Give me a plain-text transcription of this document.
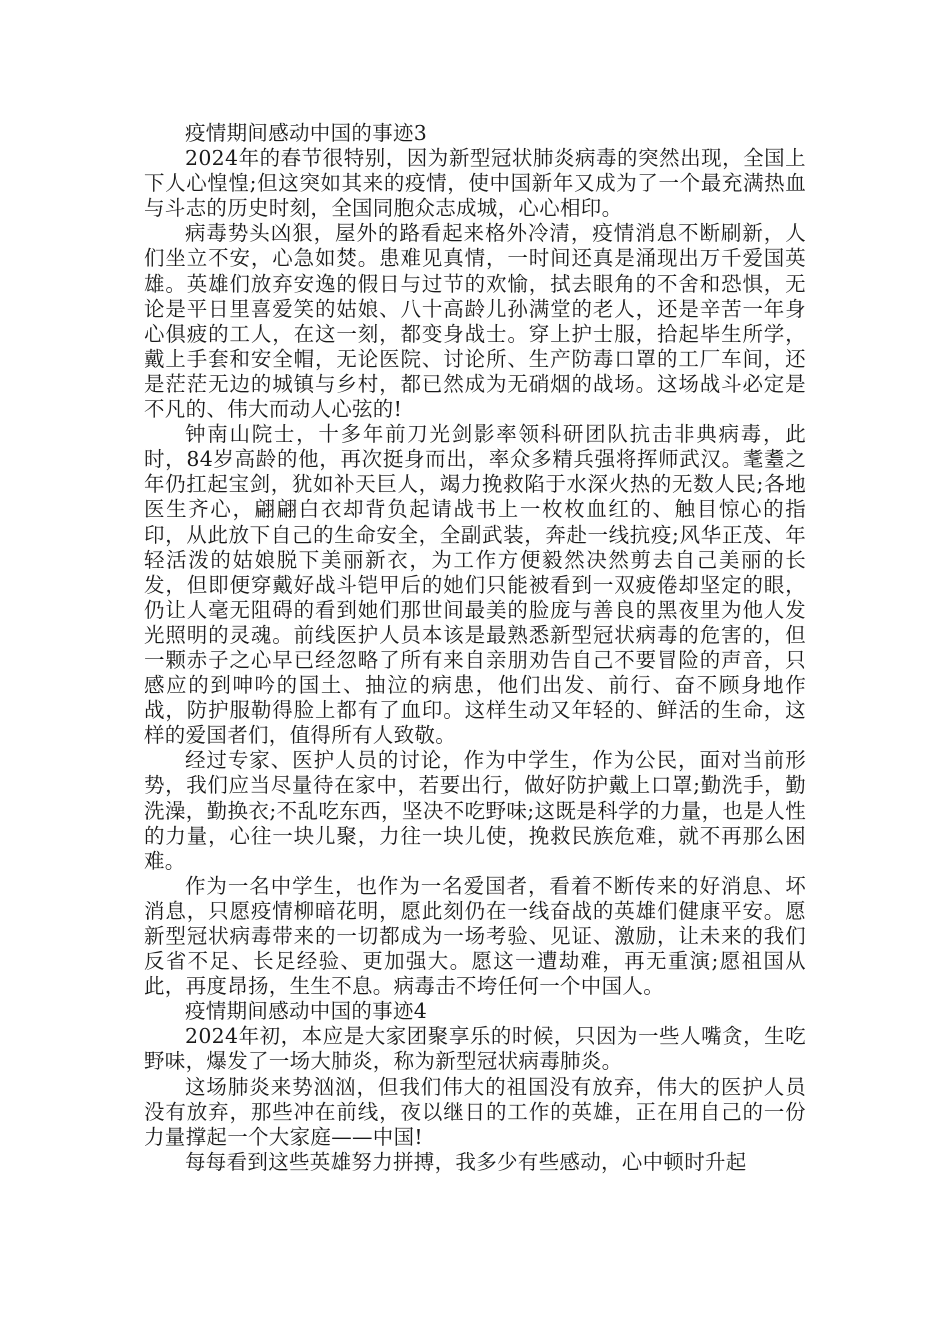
疫情期间感动中国的事迹3

2024年的春节很特别，因为新型冠状肺炎病毒的突然出现，全国上下人心惶惶;但这突如其来的疫情，使中国新年又成为了一个最充满热血与斗志的历史时刻，全国同胞众志成城，心心相印。

病毒势头凶狠，屋外的路看起来格外冷清，疫情消息不断刷新，人们坐立不安，心急如焚。患难见真情，一时间还真是涌现出万千爱国英雄。英雄们放弃安逸的假日与过节的欢愉，拭去眼角的不舍和恐惧，无论是平日里喜爱笑的姑娘、八十高龄儿孙满堂的老人，还是辛苦一年身心俱疲的工人，在这一刻，都变身战士。穿上护士服，拾起毕生所学，戴上手套和安全帽，无论医院、讨论所、生产防毒口罩的工厂车间，还是茫茫无边的城镇与乡村，都已然成为无硝烟的战场。这场战斗必定是不凡的、伟大而动人心弦的!

钟南山院士，十多年前刀光剑影率领科研团队抗击非典病毒，此时，84岁高龄的他，再次挺身而出，率众多精兵强将挥师武汉。耄耋之年仍扛起宝剑，犹如补天巨人，竭力挽救陷于水深火热的无数人民;各地医生齐心，翩翩白衣却背负起请战书上一枚枚血红的、触目惊心的指印，从此放下自己的生命安全，全副武装，奔赴一线抗疫;风华正茂、年轻活泼的姑娘脱下美丽新衣，为工作方便毅然决然剪去自己美丽的长发，但即便穿戴好战斗铠甲后的她们只能被看到一双疲倦却坚定的眼，仍让人毫无阻碍的看到她们那世间最美的脸庞与善良的黑夜里为他人发光照明的灵魂。前线医护人员本该是最熟悉新型冠状病毒的危害的，但一颗赤子之心早已经忽略了所有来自亲朋劝告自己不要冒险的声音，只感应的到呻吟的国土、抽泣的病患，他们出发、前行、奋不顾身地作战，防护服勒得脸上都有了血印。这样生动又年轻的、鲜活的生命，这样的爱国者们，值得所有人致敬。

经过专家、医护人员的讨论，作为中学生，作为公民，面对当前形势，我们应当尽量待在家中，若要出行，做好防护戴上口罩;勤洗手，勤洗澡，勤换衣;不乱吃东西，坚决不吃野味;这既是科学的力量，也是人性的力量，心往一块儿聚，力往一块儿使，挽救民族危难，就不再那么困难。

作为一名中学生，也作为一名爱国者，看着不断传来的好消息、坏消息，只愿疫情柳暗花明，愿此刻仍在一线奋战的英雄们健康平安。愿新型冠状病毒带来的一切都成为一场考验、见证、激励，让未来的我们反省不足、长足经验、更加强大。愿这一遭劫难，再无重演;愿祖国从此，再度昂扬，生生不息。病毒击不垮任何一个中国人。

疫情期间感动中国的事迹4

2024年初，本应是大家团聚享乐的时候，只因为一些人嘴贪，生吃野味，爆发了一场大肺炎，称为新型冠状病毒肺炎。

这场肺炎来势汹汹，但我们伟大的祖国没有放弃，伟大的医护人员没有放弃，那些冲在前线，夜以继日的工作的英雄，正在用自己的一份力量撑起一个大家庭——中国!

每每看到这些英雄努力拼搏，我多少有些感动，心中顿时升起
